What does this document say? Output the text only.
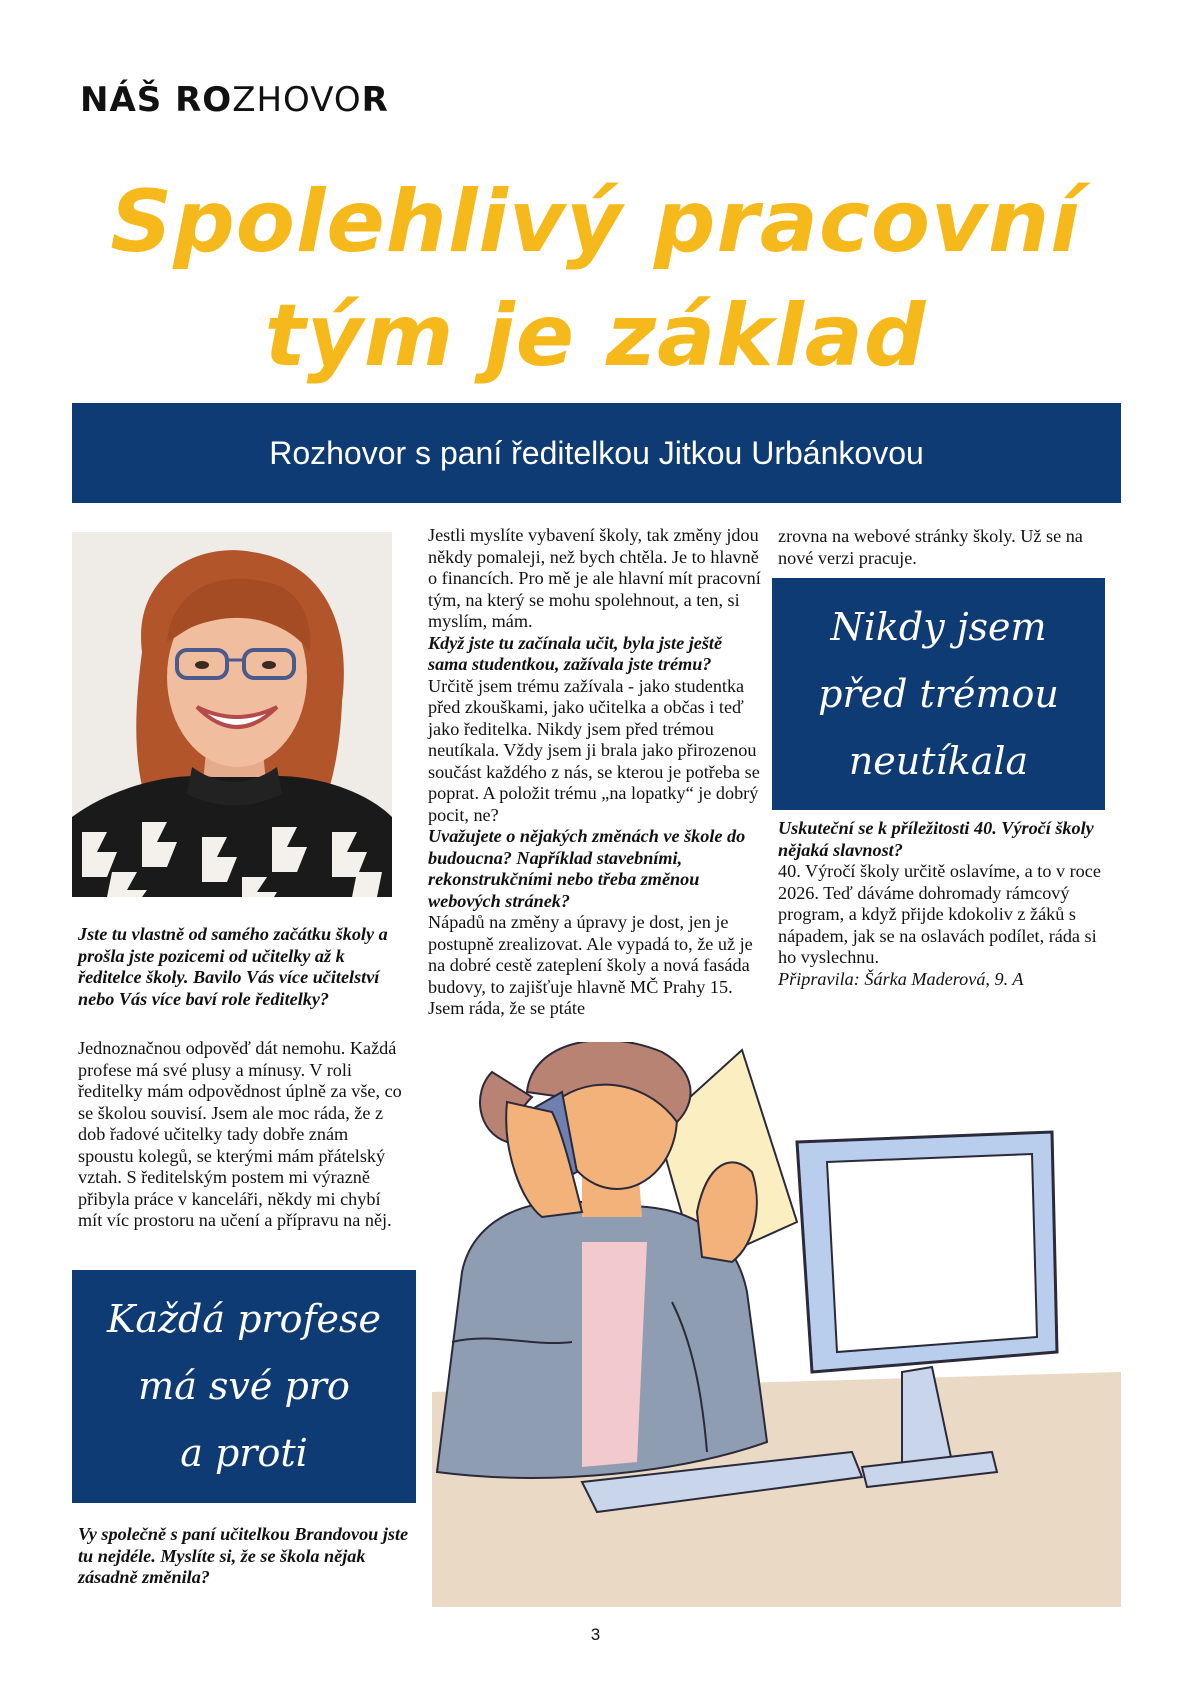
NÁŠ ROZHOVOR

Spolehlivý pracovní
tým je základ
Rozhovor s paní ředitelkou Jitkou Urbánkovou

Jste tu vlastně od samého začátku školy a prošla jste pozicemi od učitelky až k ředitelce školy. Bavilo Vás více učitelství nebo Vás více baví role ředitelky?

Jednoznačnou odpověď dát nemohu. Každá profese má své plusy a mínusy. V roli ředitelky mám odpovědnost úplně za vše, co se školou souvisí. Jsem ale moc ráda, že z dob řadové učitelky tady dobře znám spoustu kolegů, se kterými mám přátelský vztah. S ředitelským postem mi výrazně přibyla práce v kanceláři, někdy mi chybí mít víc prostoru na učení a přípravu na něj.

Každá profese
má své pro
a proti

Vy společně s paní učitelkou Brandovou jste tu nejdéle. Myslíte si, že se škola nějak zásadně změnila?

Jestli myslíte vybavení školy, tak změny jdou někdy pomaleji, než bych chtěla. Je to hlavně o financích. Pro mě je ale hlavní mít pracovní tým, na který se mohu spolehnout, a ten, si myslím, mám.

Když jste tu začínala učit, byla jste ještě sama studentkou, zažívala jste trému?

Určitě jsem trému zažívala - jako studentka před zkouškami, jako učitelka a občas i teď jako ředitelka. Nikdy jsem před trémou neutíkala. Vždy jsem ji brala jako přirozenou součást každého z nás, se kterou je potřeba se poprat. A položit trému „na lopatky“ je dobrý pocit, ne?

Uvažujete o nějakých změnách ve škole do budoucna? Například stavebními, rekonstrukčními nebo třeba změnou webových stránek?

Nápadů na změny a úpravy je dost, jen je postupně zrealizovat. Ale vypadá to, že už je na dobré cestě zateplení školy a nová fasáda budovy, to zajišťuje hlavně MČ Prahy 15. Jsem ráda, že se ptáte

zrovna na webové stránky školy. Už se na nové verzi pracuje.

Nikdy jsem
před trémou
neutíkala

Uskuteční se k příležitosti 40. Výročí školy nějaká slavnost?

40. Výročí školy určitě oslavíme, a to v roce 2026. Teď dáváme dohromady rámcový program, a když přijde kdokoliv z žáků s nápadem, jak se na oslavách podílet, ráda si ho vyslechnu.

Připravila: Šárka Maderová, 9. A

3
